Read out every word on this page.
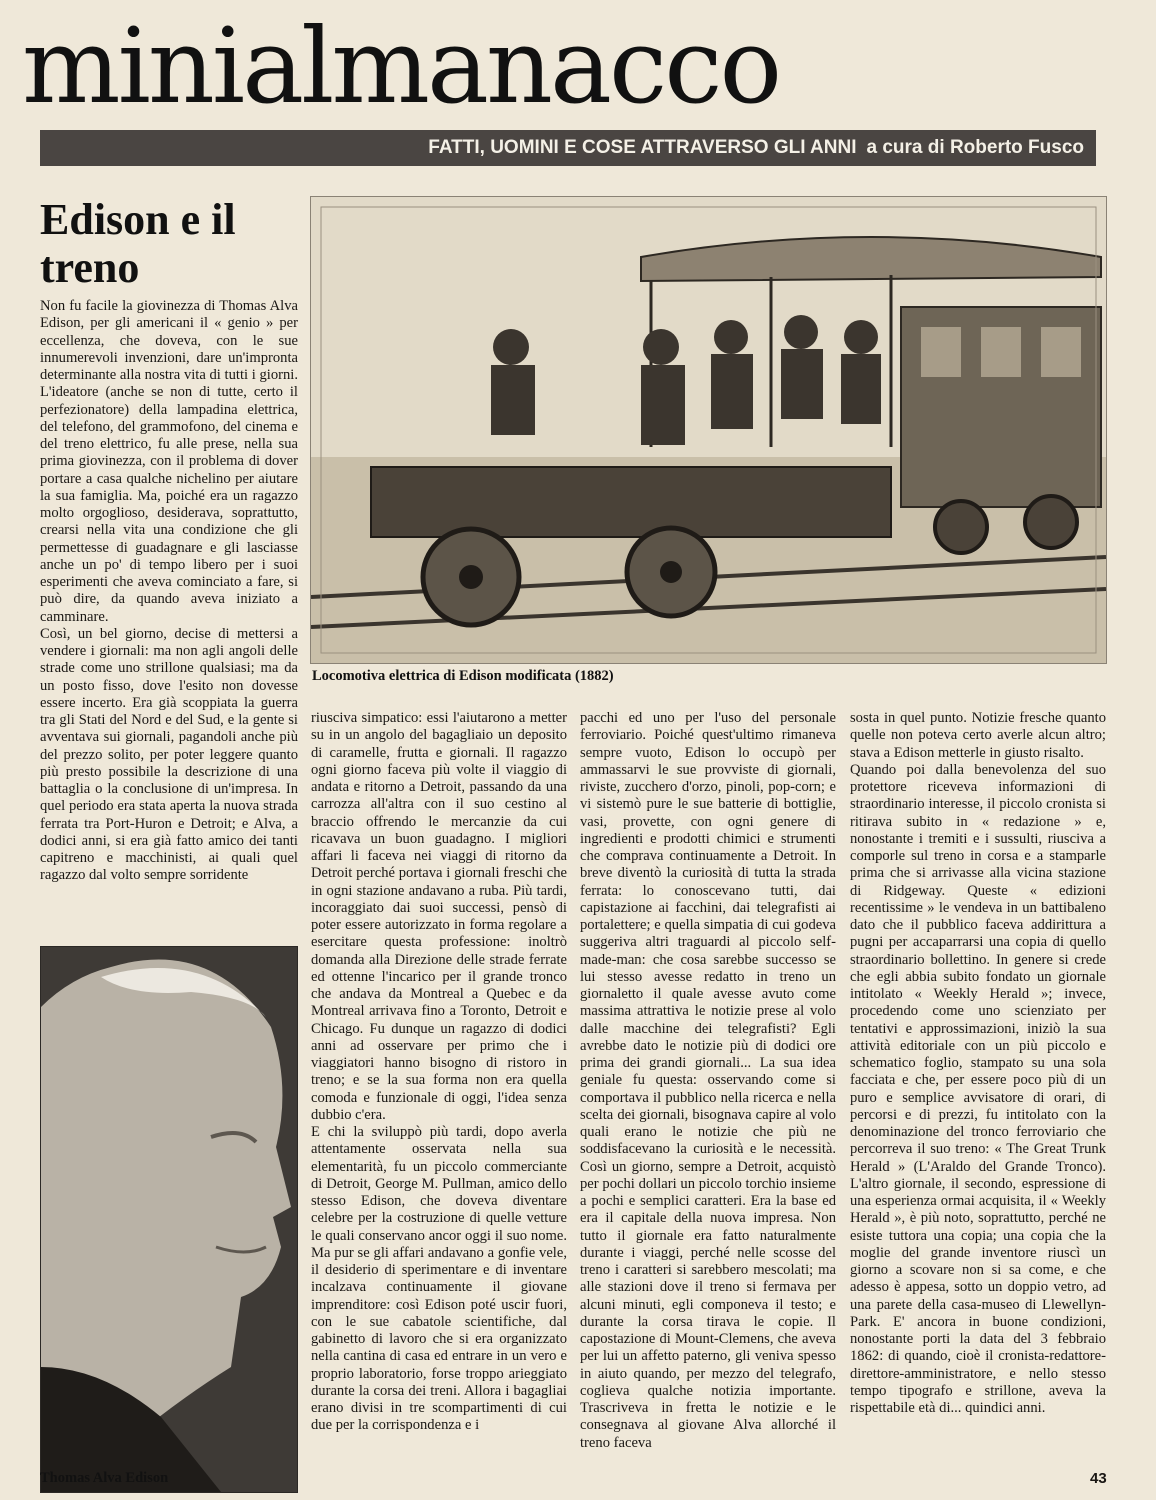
minialmanacco
FATTI, UOMINI E COSE ATTRAVERSO GLI ANNI a cura di Roberto Fusco
Edison e il treno

Non fu facile la giovinezza di Thomas Alva Edison, per gli americani il « genio » per eccellenza, che doveva, con le sue innumerevoli invenzioni, dare un'impronta determinante alla nostra vita di tutti i giorni. L'ideatore (anche se non di tutte, certo il perfezionatore) della lampadina elettrica, del telefono, del grammofono, del cinema e del treno elettrico, fu alle prese, nella sua prima giovinezza, con il problema di dover portare a casa qualche nichelino per aiutare la sua famiglia. Ma, poiché era un ragazzo molto orgoglioso, desiderava, soprattutto, crearsi nella vita una condizione che gli permettesse di guadagnare e gli lasciasse anche un po' di tempo libero per i suoi esperimenti che aveva cominciato a fare, si può dire, da quando aveva iniziato a camminare.

Così, un bel giorno, decise di mettersi a vendere i giornali: ma non agli angoli delle strade come uno strillone qualsiasi; ma da un posto fisso, dove l'esito non dovesse essere incerto. Era già scoppiata la guerra tra gli Stati del Nord e del Sud, e la gente si avventava sui giornali, pagandoli anche più del prezzo solito, per poter leggere quanto più presto possibile la descrizione di una battaglia o la conclusione di un'impresa. In quel periodo era stata aperta la nuova strada ferrata tra Port-Huron e Detroit; e Alva, a dodici anni, si era già fatto amico dei tanti capitreno e macchinisti, ai quali quel ragazzo dal volto sempre sorridente

Locomotiva elettrica di Edison modificata (1882)

riusciva simpatico: essi l'aiutarono a metter su in un angolo del bagagliaio un deposito di caramelle, frutta e giornali. Il ragazzo ogni giorno faceva più volte il viaggio di andata e ritorno a Detroit, passando da una carrozza all'altra con il suo cestino al braccio offrendo le mercanzie da cui ricavava un buon guadagno. I migliori affari li faceva nei viaggi di ritorno da Detroit perché portava i giornali freschi che in ogni stazione andavano a ruba. Più tardi, incoraggiato dai suoi successi, pensò di poter essere autorizzato in forma regolare a esercitare questa professione: inoltrò domanda alla Direzione delle strade ferrate ed ottenne l'incarico per il grande tronco che andava da Montreal a Quebec e da Montreal arrivava fino a Toronto, Detroit e Chicago. Fu dunque un ragazzo di dodici anni ad osservare per primo che i viaggiatori hanno bisogno di ristoro in treno; e se la sua forma non era quella comoda e funzionale di oggi, l'idea senza dubbio c'era.

E chi la sviluppò più tardi, dopo averla attentamente osservata nella sua elementarità, fu un piccolo commerciante di Detroit, George M. Pullman, amico dello stesso Edison, che doveva diventare celebre per la costruzione di quelle vetture le quali conservano ancor oggi il suo nome. Ma pur se gli affari andavano a gonfie vele, il desiderio di sperimentare e di inventare incalzava continuamente il giovane imprenditore: così Edison poté uscir fuori, con le sue cabatole scientifiche, dal gabinetto di lavoro che si era organizzato nella cantina di casa ed entrare in un vero e proprio laboratorio, forse troppo arieggiato durante la corsa dei treni. Allora i bagagliai erano divisi in tre scompartimenti di cui due per la corrispondenza e i

pacchi ed uno per l'uso del personale ferroviario. Poiché quest'ultimo rimaneva sempre vuoto, Edison lo occupò per ammassarvi le sue provviste di giornali, riviste, zucchero d'orzo, pinoli, pop-corn; e vi sistemò pure le sue batterie di bottiglie, vasi, provette, con ogni genere di ingredienti e prodotti chimici e strumenti che comprava continuamente a Detroit. In breve diventò la curiosità di tutta la strada ferrata: lo conoscevano tutti, dai capistazione ai facchini, dai telegrafisti ai portalettere; e quella simpatia di cui godeva suggeriva altri traguardi al piccolo self-made-man: che cosa sarebbe successo se lui stesso avesse redatto in treno un giornaletto il quale avesse avuto come massima attrattiva le notizie prese al volo dalle macchine dei telegrafisti? Egli avrebbe dato le notizie più di dodici ore prima dei grandi giornali... La sua idea geniale fu questa: osservando come si comportava il pubblico nella ricerca e nella scelta dei giornali, bisognava capire al volo quali erano le notizie che più ne soddisfacevano la curiosità e le necessità. Così un giorno, sempre a Detroit, acquistò per pochi dollari un piccolo torchio insieme a pochi e semplici caratteri. Era la base ed era il capitale della nuova impresa. Non tutto il giornale era fatto naturalmente durante i viaggi, perché nelle scosse del treno i caratteri si sarebbero mescolati; ma alle stazioni dove il treno si fermava per alcuni minuti, egli componeva il testo; e durante la corsa tirava le copie. Il capostazione di Mount-Clemens, che aveva per lui un affetto paterno, gli veniva spesso in aiuto quando, per mezzo del telegrafo, coglieva qualche notizia importante. Trascriveva in fretta le notizie e le consegnava al giovane Alva allorché il treno faceva

sosta in quel punto. Notizie fresche quanto quelle non poteva certo averle alcun altro; stava a Edison metterle in giusto risalto.

Quando poi dalla benevolenza del suo protettore riceveva informazioni di straordinario interesse, il piccolo cronista si ritirava subito in « redazione » e, nonostante i tremiti e i sussulti, riusciva a comporle sul treno in corsa e a stamparle prima che si arrivasse alla vicina stazione di Ridgeway. Queste « edizioni recentissime » le vendeva in un battibaleno dato che il pubblico faceva addirittura a pugni per accaparrarsi una copia di quello straordinario bollettino. In genere si crede che egli abbia subito fondato un giornale intitolato « Weekly Herald »; invece, procedendo come uno scienziato per tentativi e approssimazioni, iniziò la sua attività editoriale con un più piccolo e schematico foglio, stampato su una sola facciata e che, per essere poco più di un puro e semplice avvisatore di orari, di percorsi e di prezzi, fu intitolato con la denominazione del tronco ferroviario che percorreva il suo treno: « The Great Trunk Herald » (L'Araldo del Grande Tronco). L'altro giornale, il secondo, espressione di una esperienza ormai acquisita, il « Weekly Herald », è più noto, soprattutto, perché ne esiste tuttora una copia; una copia che la moglie del grande inventore riuscì un giorno a scovare non si sa come, e che adesso è appesa, sotto un doppio vetro, ad una parete della casa-museo di Llewellyn-Park. E' ancora in buone condizioni, nonostante porti la data del 3 febbraio 1862: di quando, cioè il cronista-redattore-direttore-amministratore, e nello stesso tempo tipografo e strillone, aveva la rispettabile età di... quindici anni.

Thomas Alva Edison	43
